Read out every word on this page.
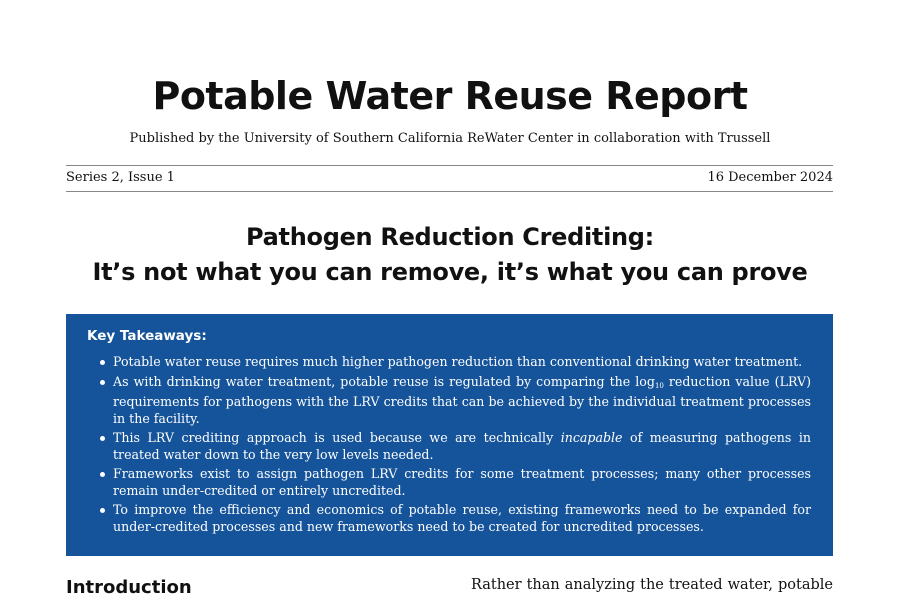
Potable Water Reuse Report

Published by the University of Southern California ReWater Center in collaboration with Trussell

Series 2, Issue 1	16 December 2024
Pathogen Reduction Crediting:
It’s not what you can remove, it’s what you can prove
Key Takeaways:
Potable water reuse requires much higher pathogen reduction than conventional drinking water treatment.
As with drinking water treatment, potable reuse is regulated by comparing the $\log_{10}$ reduction value (LRV) requirements for pathogens with the LRV credits that can be achieved by the individual treatment processes in the facility.
This LRV crediting approach is used because we are technically incapable of measuring pathogens in treated water down to the very low levels needed.
Frameworks exist to assign pathogen LRV credits for some treatment processes; many other processes remain under-credited or entirely uncredited.
To improve the efficiency and economics of potable reuse, existing frameworks need to be expanded for under-credited processes and new frameworks need to be created for uncredited processes.
Introduction	Rather than analyzing the treated water, potable
